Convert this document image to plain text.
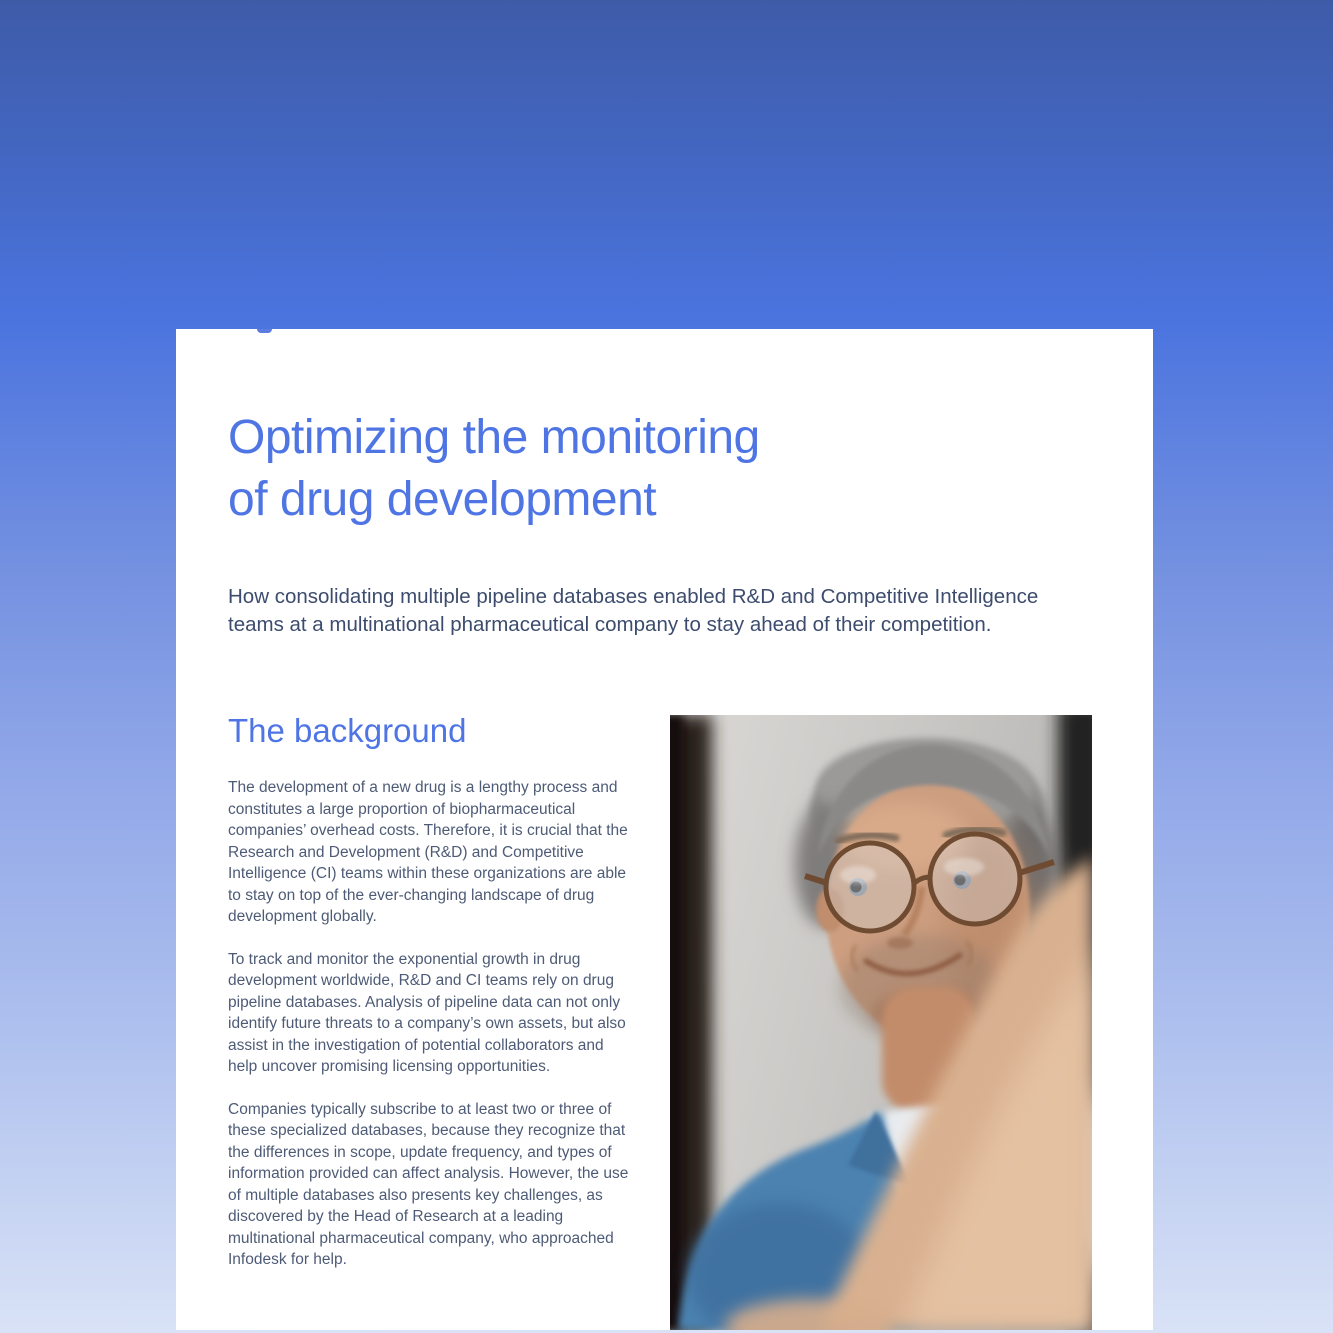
Optimizing the monitoring
of drug development

How consolidating multiple pipeline databases enabled R&D and Competitive Intelligence teams at a multinational pharmaceutical company to stay ahead of their competition.

The background

The development of a new drug is a lengthy process and constitutes a large proportion of biopharmaceutical companies’ overhead costs. Therefore, it is crucial that the Research and Development (R&D) and Competitive Intelligence (CI) teams within these organizations are able to stay on top of the ever-changing landscape of drug development globally.

To track and monitor the exponential growth in drug development worldwide, R&D and CI teams rely on drug pipeline databases. Analysis of pipeline data can not only identify future threats to a company’s own assets, but also assist in the investigation of potential collaborators and help uncover promising licensing opportunities.

Companies typically subscribe to at least two or three of these specialized databases, because they recognize that the differences in scope, update frequency, and types of information provided can affect analysis. However, the use of multiple databases also presents key challenges, as discovered by the Head of Research at a leading multinational pharmaceutical company, who approached Infodesk for help.
